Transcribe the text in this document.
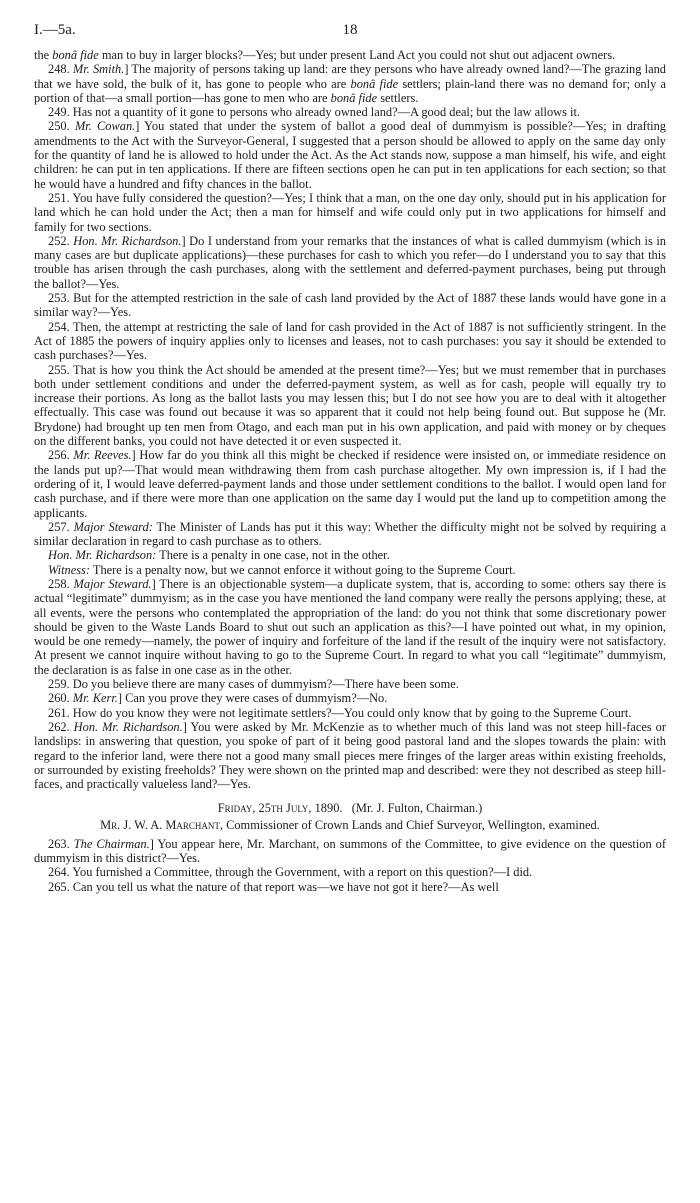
I.—5a.	18

the bonâ fide man to buy in larger blocks?—Yes; but under present Land Act you could not shut out adjacent owners.

248. Mr. Smith.] The majority of persons taking up land: are they persons who have already owned land?—The grazing land that we have sold, the bulk of it, has gone to people who are bonâ fide settlers; plain-land there was no demand for; only a portion of that—a small portion—has gone to men who are bonâ fide settlers.

249. Has not a quantity of it gone to persons who already owned land?—A good deal; but the law allows it.

250. Mr. Cowan.] You stated that under the system of ballot a good deal of dummyism is possible?—Yes; in drafting amendments to the Act with the Surveyor-General, I suggested that a person should be allowed to apply on the same day only for the quantity of land he is allowed to hold under the Act. As the Act stands now, suppose a man himself, his wife, and eight children: he can put in ten applications. If there are fifteen sections open he can put in ten applications for each section; so that he would have a hundred and fifty chances in the ballot.

251. You have fully considered the question?—Yes; I think that a man, on the one day only, should put in his application for land which he can hold under the Act; then a man for himself and wife could only put in two applications for himself and family for two sections.

252. Hon. Mr. Richardson.] Do I understand from your remarks that the instances of what is called dummyism (which is in many cases are but duplicate applications)—these purchases for cash to which you refer—do I understand you to say that this trouble has arisen through the cash purchases, along with the settlement and deferred-payment purchases, being put through the ballot?—Yes.

253. But for the attempted restriction in the sale of cash land provided by the Act of 1887 these lands would have gone in a similar way?—Yes.

254. Then, the attempt at restricting the sale of land for cash provided in the Act of 1887 is not sufficiently stringent. In the Act of 1885 the powers of inquiry applies only to licenses and leases, not to cash purchases: you say it should be extended to cash purchases?—Yes.

255. That is how you think the Act should be amended at the present time?—Yes; but we must remember that in purchases both under settlement conditions and under the deferred-payment system, as well as for cash, people will equally try to increase their portions. As long as the ballot lasts you may lessen this; but I do not see how you are to deal with it altogether effectually. This case was found out because it was so apparent that it could not help being found out. But suppose he (Mr. Brydone) had brought up ten men from Otago, and each man put in his own application, and paid with money or by cheques on the different banks, you could not have detected it or even suspected it.

256. Mr. Reeves.] How far do you think all this might be checked if residence were insisted on, or immediate residence on the lands put up?—That would mean withdrawing them from cash purchase altogether. My own impression is, if I had the ordering of it, I would leave deferred-payment lands and those under settlement conditions to the ballot. I would open land for cash purchase, and if there were more than one application on the same day I would put the land up to competition among the applicants.

257. Major Steward: The Minister of Lands has put it this way: Whether the difficulty might not be solved by requiring a similar declaration in regard to cash purchase as to others.

Hon. Mr. Richardson: There is a penalty in one case, not in the other.

Witness: There is a penalty now, but we cannot enforce it without going to the Supreme Court.

258. Major Steward.] There is an objectionable system—a duplicate system, that is, according to some: others say there is actual “legitimate” dummyism; as in the case you have mentioned the land company were really the persons applying; these, at all events, were the persons who contemplated the appropriation of the land: do you not think that some discretionary power should be given to the Waste Lands Board to shut out such an application as this?—I have pointed out what, in my opinion, would be one remedy—namely, the power of inquiry and forfeiture of the land if the result of the inquiry were not satisfactory. At present we cannot inquire without having to go to the Supreme Court. In regard to what you call “legitimate” dummyism, the declaration is as false in one case as in the other.

259. Do you believe there are many cases of dummyism?—There have been some.

260. Mr. Kerr.] Can you prove they were cases of dummyism?—No.

261. How do you know they were not legitimate settlers?—You could only know that by going to the Supreme Court.

262. Hon. Mr. Richardson.] You were asked by Mr. McKenzie as to whether much of this land was not steep hill-faces or landslips: in answering that question, you spoke of part of it being good pastoral land and the slopes towards the plain: with regard to the inferior land, were there not a good many small pieces mere fringes of the larger areas within existing freeholds, or surrounded by existing freeholds? They were shown on the printed map and described: were they not described as steep hill-faces, and practically valueless land?—Yes.

Friday, 25th July, 1890. (Mr. J. Fulton, Chairman.)
Mr. J. W. A. Marchant, Commissioner of Crown Lands and Chief Surveyor, Wellington, examined.

263. The Chairman.] You appear here, Mr. Marchant, on summons of the Committee, to give evidence on the question of dummyism in this district?—Yes.

264. You furnished a Committee, through the Government, with a report on this question?—I did.

265. Can you tell us what the nature of that report was—we have not got it here?—As well
